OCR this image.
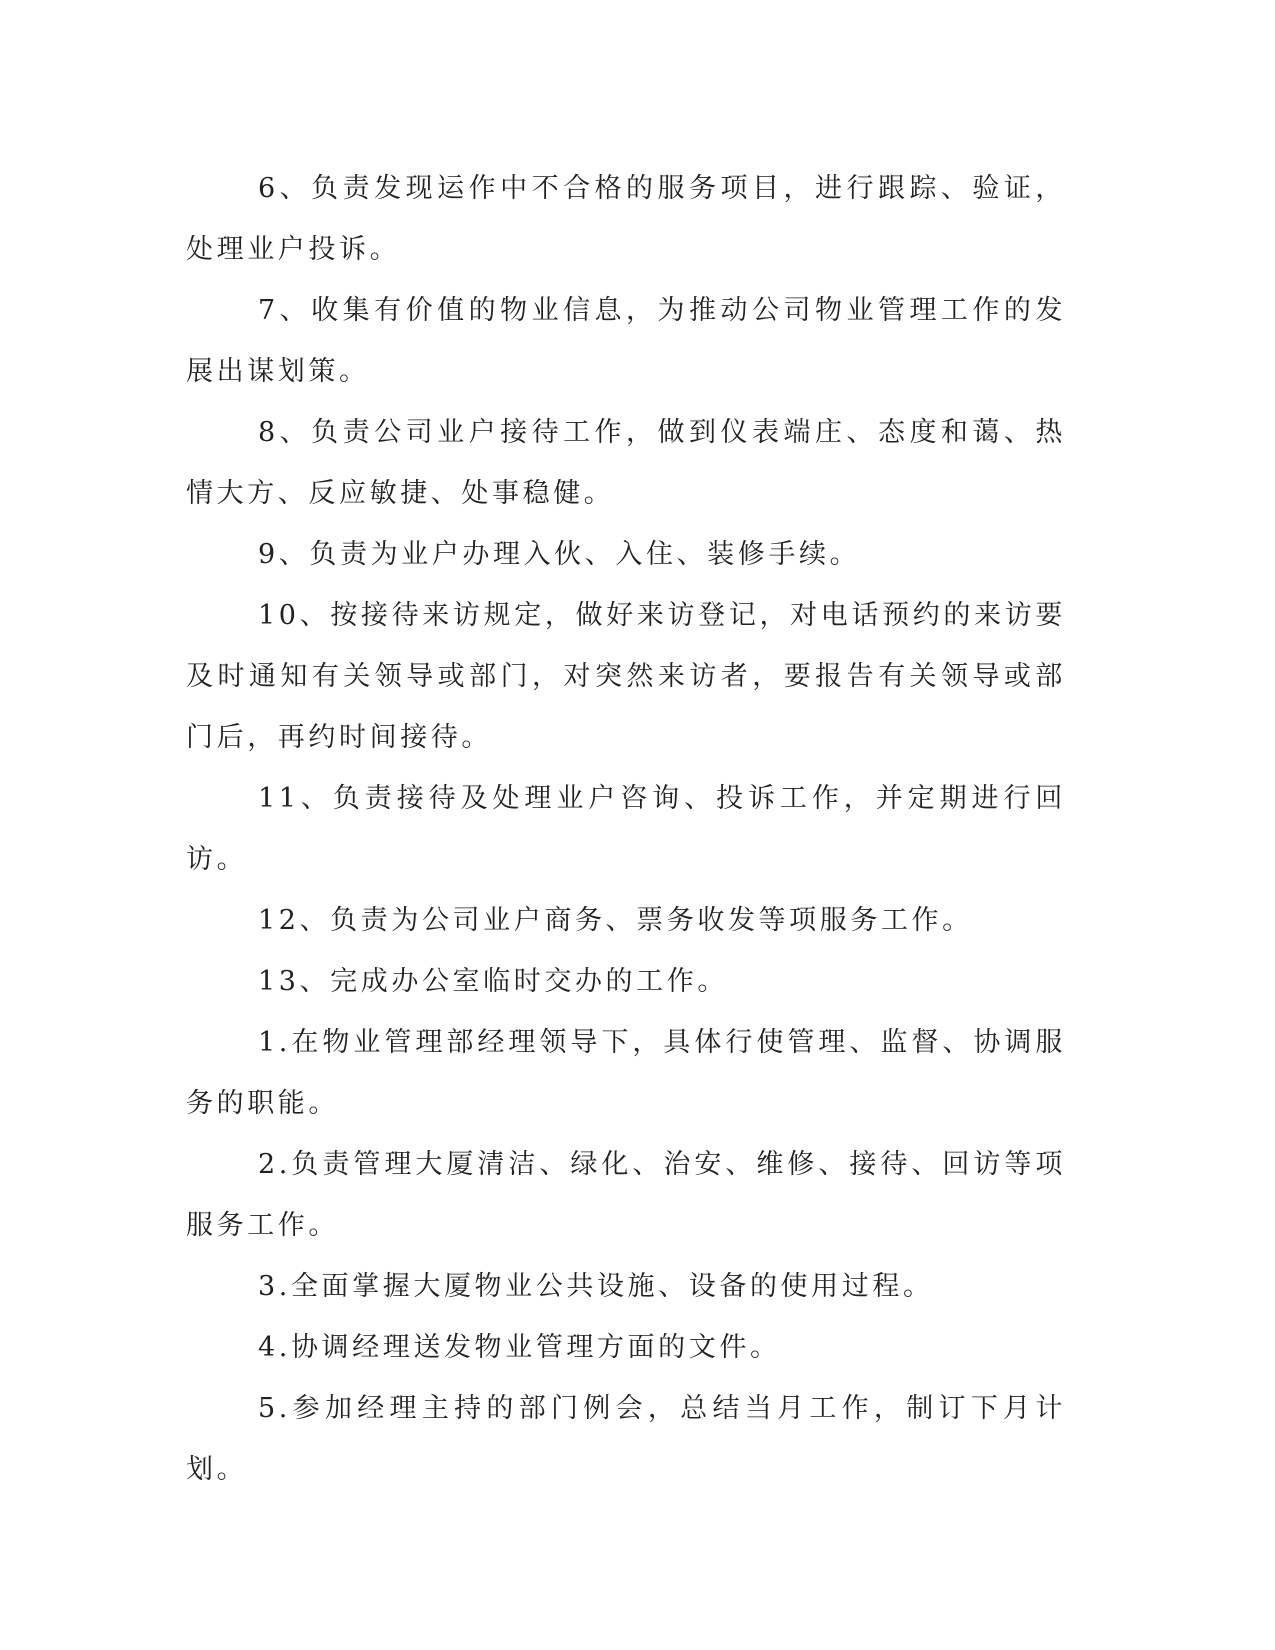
6、负责发现运作中不合格的服务项目，进行跟踪、验证，处理业户投诉。

7、收集有价值的物业信息，为推动公司物业管理工作的发展出谋划策。

8、负责公司业户接待工作，做到仪表端庄、态度和蔼、热情大方、反应敏捷、处事稳健。

9、负责为业户办理入伙、入住、装修手续。

10、按接待来访规定，做好来访登记，对电话预约的来访要及时通知有关领导或部门，对突然来访者，要报告有关领导或部门后，再约时间接待。

11、负责接待及处理业户咨询、投诉工作，并定期进行回访。

12、负责为公司业户商务、票务收发等项服务工作。

13、完成办公室临时交办的工作。

1.在物业管理部经理领导下，具体行使管理、监督、协调服务的职能。

2.负责管理大厦清洁、绿化、治安、维修、接待、回访等项服务工作。

3.全面掌握大厦物业公共设施、设备的使用过程。

4.协调经理送发物业管理方面的文件。

5.参加经理主持的部门例会，总结当月工作，制订下月计划。
